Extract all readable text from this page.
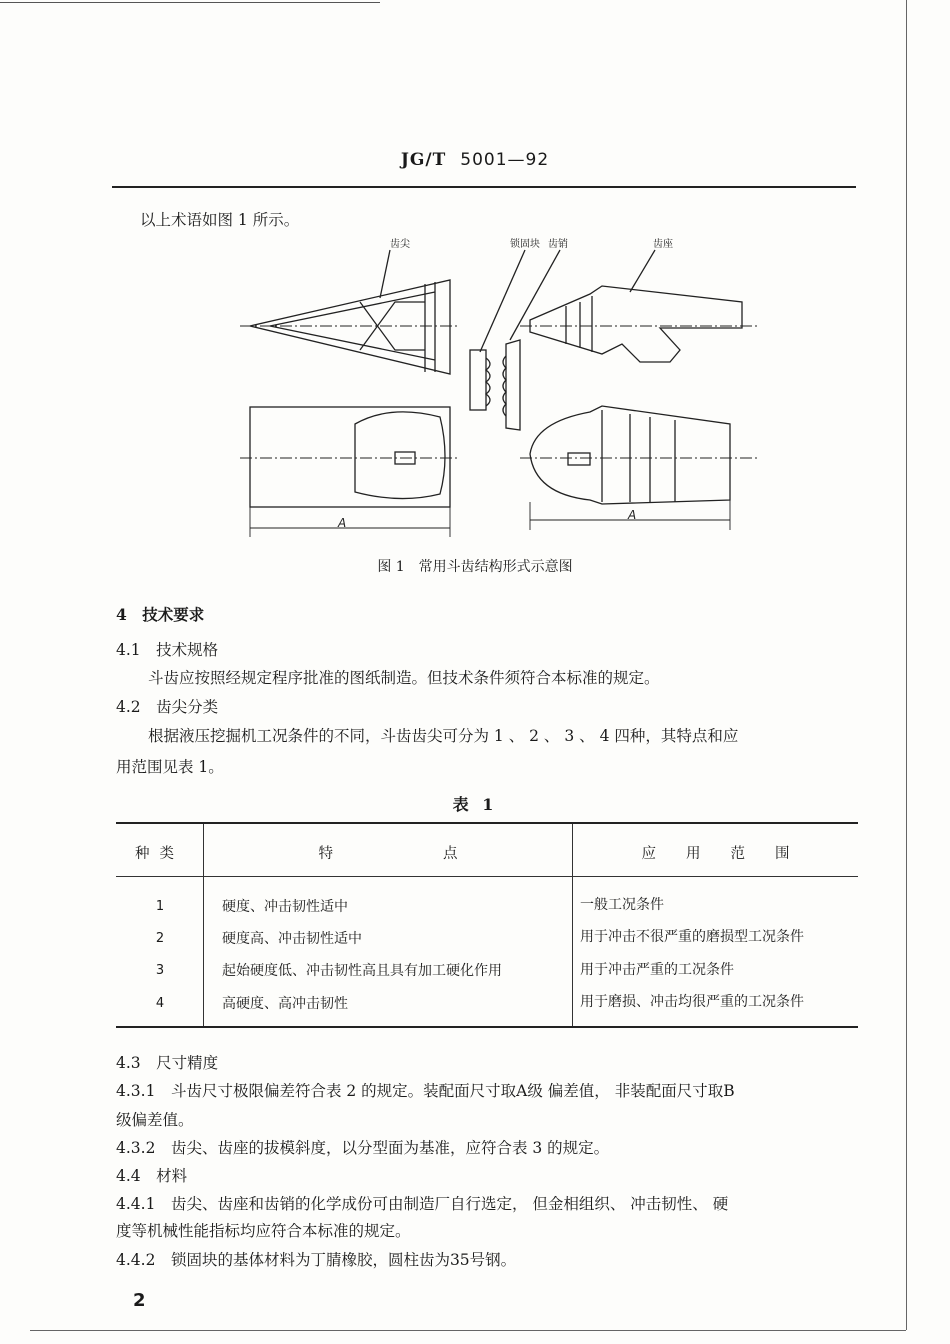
JG/T 5001—92
以上术语如图 1 所示。
齿尖	锁固块 齿销	齿座
A
A
图 1　常用斗齿结构形式示意图
4　技术要求
4.1　技术规格
斗齿应按照经规定程序批准的图纸制造。但技术条件须符合本标准的规定。
4.2　齿尖分类
根据液压挖掘机工况条件的不同，斗齿齿尖可分为 1 、 2 、 3 、 4 四种，其特点和应
用范围见表 1。
表 1
种类	特点	应用范围
1	硬度、冲击韧性适中	一般工况条件
2	硬度高、冲击韧性适中	用于冲击不很严重的磨损型工况条件
3	起始硬度低、冲击韧性高且具有加工硬化作用	用于冲击严重的工况条件
4	高硬度、高冲击韧性	用于磨损、冲击均很严重的工况条件
4.3　尺寸精度
4.3.1　斗齿尺寸极限偏差符合表 2 的规定。装配面尺寸取A级 偏差值， 非装配面尺寸取B
级偏差值。
4.3.2　齿尖、齿座的拔模斜度，以分型面为基准，应符合表 3 的规定。
4.4　材料
4.4.1　齿尖、齿座和齿销的化学成份可由制造厂自行选定， 但金相组织、 冲击韧性、 硬
度等机械性能指标均应符合本标准的规定。
4.4.2　锁固块的基体材料为丁腈橡胶，圆柱齿为35号钢。
2
